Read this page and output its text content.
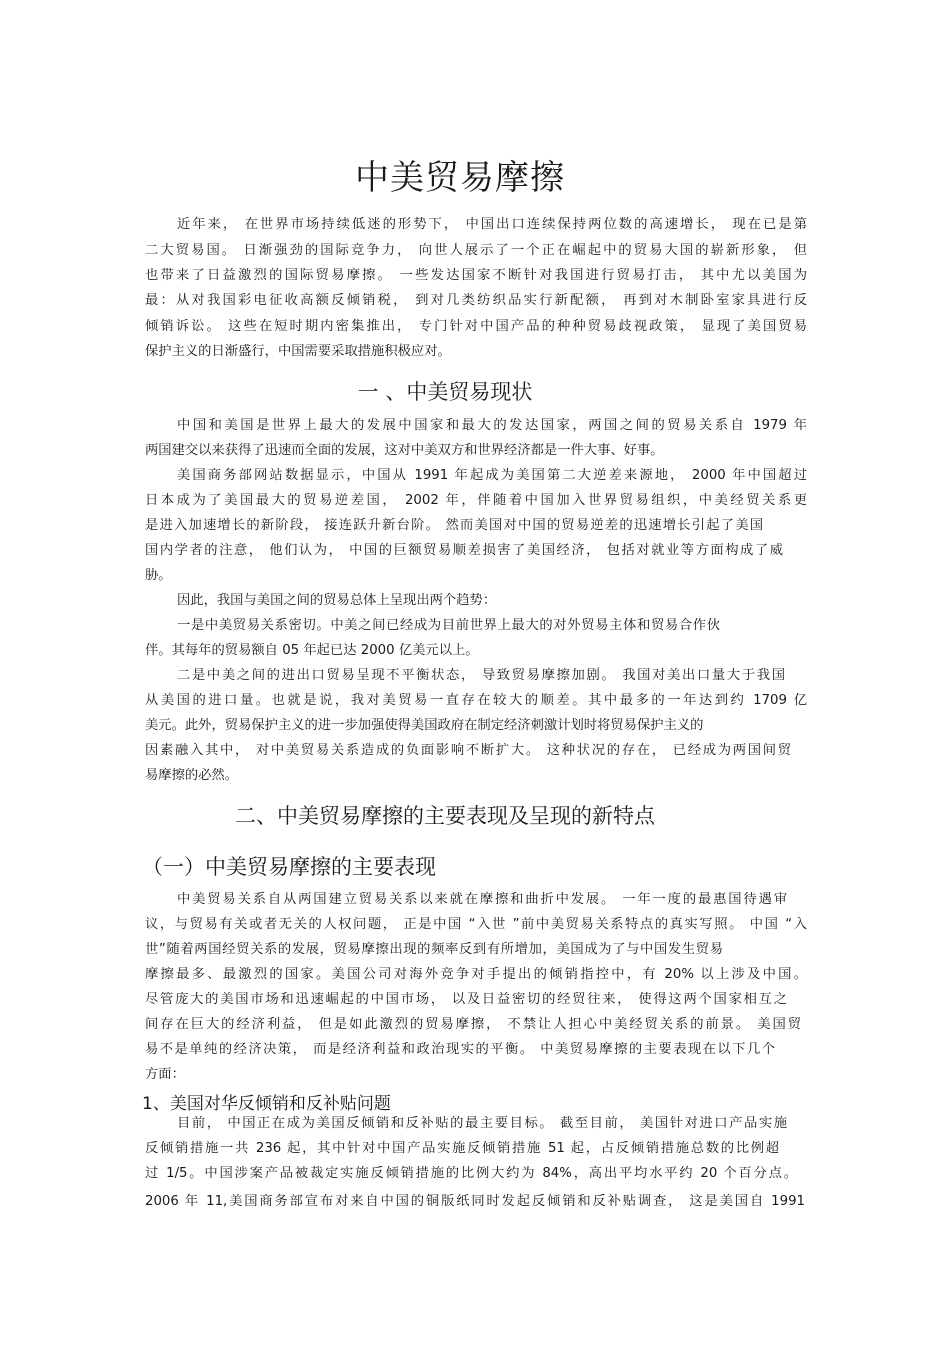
中美贸易摩擦
近年来， 在世界市场持续低迷的形势下， 中国出口连续保持两位数的高速增长， 现在已是第
二大贸易国。 日渐强劲的国际竞争力， 向世人展示了一个正在崛起中的贸易大国的崭新形象， 但
也带来了日益激烈的国际贸易摩擦。 一些发达国家不断针对我国进行贸易打击， 其中尤以美国为
最：从对我国彩电征收高额反倾销税， 到对几类纺织品实行新配额， 再到对木制卧室家具进行反
倾销诉讼。 这些在短时期内密集推出， 专门针对中国产品的种种贸易歧视政策， 显现了美国贸易
保护主义的日渐盛行，中国需要采取措施积极应对。
一 、中美贸易现状
中国和美国是世界上最大的发展中国家和最大的发达国家，两国之间的贸易关系自 1979 年
两国建交以来获得了迅速而全面的发展，这对中美双方和世界经济都是一件大事、好事。
美国商务部网站数据显示，中国从 1991 年起成为美国第二大逆差来源地， 2000 年中国超过
日本成为了美国最大的贸易逆差国， 2002 年，伴随着中国加入世界贸易组织，中美经贸关系更
是进入加速增长的新阶段， 接连跃升新台阶。 然而美国对中国的贸易逆差的迅速增长引起了美国
国内学者的注意， 他们认为， 中国的巨额贸易顺差损害了美国经济， 包括对就业等方面构成了威
胁。
因此，我国与美国之间的贸易总体上呈现出两个趋势：
一是中美贸易关系密切。中美之间已经成为目前世界上最大的对外贸易主体和贸易合作伙
伴。其每年的贸易额自 05 年起已达 2000 亿美元以上。
二是中美之间的进出口贸易呈现不平衡状态， 导致贸易摩擦加剧。 我国对美出口量大于我国
从美国的进口量。也就是说，我对美贸易一直存在较大的顺差。其中最多的一年达到约 1709 亿
美元。此外，贸易保护主义的进一步加强使得美国政府在制定经济刺激计划时将贸易保护主义的
因素融入其中， 对中美贸易关系造成的负面影响不断扩大。 这种状况的存在， 已经成为两国间贸
易摩擦的必然。
二、中美贸易摩擦的主要表现及呈现的新特点
（一）中美贸易摩擦的主要表现
中美贸易关系自从两国建立贸易关系以来就在摩擦和曲折中发展。 一年一度的最惠国待遇审
议，与贸易有关或者无关的人权问题， 正是中国 “入世 ”前中美贸易关系特点的真实写照。 中国 “入
世”随着两国经贸关系的发展，贸易摩擦出现的频率反到有所增加，美国成为了与中国发生贸易
摩擦最多、最激烈的国家。美国公司对海外竞争对手提出的倾销指控中，有 20% 以上涉及中国。
尽管庞大的美国市场和迅速崛起的中国市场， 以及日益密切的经贸往来， 使得这两个国家相互之
间存在巨大的经济利益， 但是如此激烈的贸易摩擦， 不禁让人担心中美经贸关系的前景。 美国贸
易不是单纯的经济决策， 而是经济利益和政治现实的平衡。 中美贸易摩擦的主要表现在以下几个
方面：
1、美国对华反倾销和反补贴问题
目前， 中国正在成为美国反倾销和反补贴的最主要目标。 截至目前， 美国针对进口产品实施
反倾销措施一共 236 起，其中针对中国产品实施反倾销措施 51 起，占反倾销措施总数的比例超
过 1/5。中国涉案产品被裁定实施反倾销措施的比例大约为 84%，高出平均水平约 20 个百分点。
2006 年 11,美国商务部宣布对来自中国的铜版纸同时发起反倾销和反补贴调查， 这是美国自 1991
